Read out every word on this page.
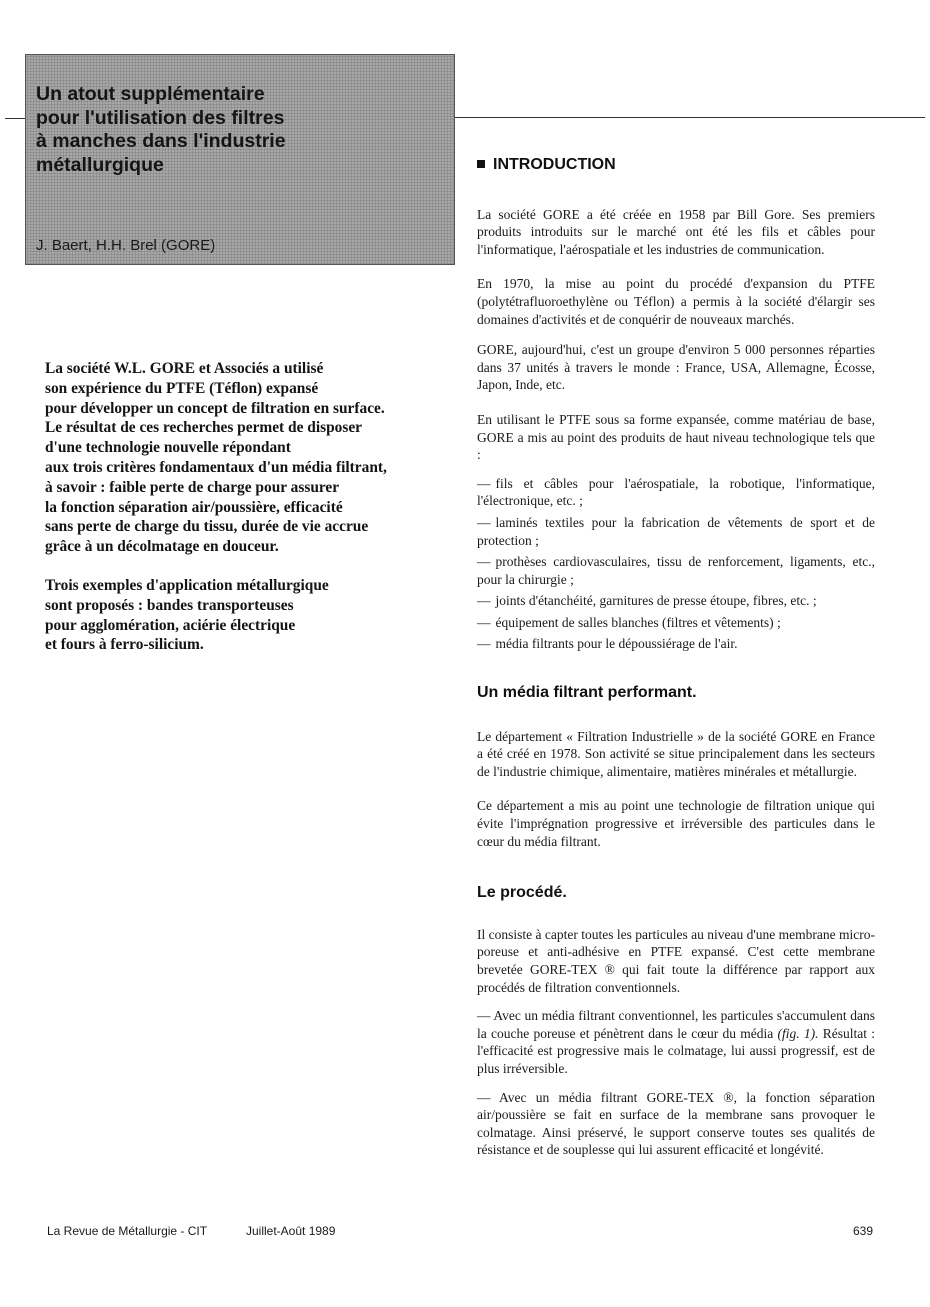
Un atout supplémentaire
pour l'utilisation des filtres
à manches dans l'industrie
métallurgique

J. Baert, H.H. Brel (GORE)

La société W.L. GORE et Associés a utilisé
son expérience du PTFE (Téflon) expansé
pour développer un concept de filtration en surface.
Le résultat de ces recherches permet de disposer
d'une technologie nouvelle répondant
aux trois critères fondamentaux d'un média filtrant,
à savoir : faible perte de charge pour assurer
la fonction séparation air/poussière, efficacité
sans perte de charge du tissu, durée de vie accrue
grâce à un décolmatage en douceur.

Trois exemples d'application métallurgique
sont proposés : bandes transporteuses
pour agglomération, aciérie électrique
et fours à ferro-silicium.

INTRODUCTION

La société GORE a été créée en 1958 par Bill Gore. Ses premiers produits introduits sur le marché ont été les fils et câbles pour l'informatique, l'aérospatiale et les industries de communication.

En 1970, la mise au point du procédé d'expansion du PTFE (polytétrafluoroethylène ou Téflon) a permis à la société d'élargir ses domaines d'activités et de conquérir de nouveaux marchés.

GORE, aujourd'hui, c'est un groupe d'environ 5 000 personnes réparties dans 37 unités à travers le monde : France, USA, Allemagne, Écosse, Japon, Inde, etc.

En utilisant le PTFE sous sa forme expansée, comme matériau de base, GORE a mis au point des produits de haut niveau technologique tels que :

— fils et câbles pour l'aérospatiale, la robotique, l'informatique, l'électronique, etc. ;
— laminés textiles pour la fabrication de vêtements de sport et de protection ;
— prothèses cardiovasculaires, tissu de renforcement, ligaments, etc., pour la chirurgie ;
— joints d'étanchéité, garnitures de presse étoupe, fibres, etc. ;
— équipement de salles blanches (filtres et vêtements) ;
— média filtrants pour le dépoussiérage de l'air.
Un média filtrant performant.

Le département « Filtration Industrielle » de la société GORE en France a été créé en 1978. Son activité se situe principalement dans les secteurs de l'industrie chimique, alimentaire, matières minérales et métallurgie.

Ce département a mis au point une technologie de filtration unique qui évite l'imprégnation progressive et irréversible des particules dans le cœur du média filtrant.

Le procédé.

Il consiste à capter toutes les particules au niveau d'une membrane micro-poreuse et anti-adhésive en PTFE expansé. C'est cette membrane brevetée GORE-TEX ® qui fait toute la différence par rapport aux procédés de filtration conventionnels.

— Avec un média filtrant conventionnel, les particules s'accumulent dans la couche poreuse et pénètrent dans le cœur du média (fig. 1). Résultat : l'efficacité est progressive mais le colmatage, lui aussi progressif, est de plus irréversible.

— Avec un média filtrant GORE-TEX ®, la fonction séparation air/poussière se fait en surface de la membrane sans provoquer le colmatage. Ainsi préservé, le support conserve toutes ses qualités de résistance et de souplesse qui lui assurent efficacité et longévité.

La Revue de Métallurgie - CIT	Juillet-Août 1989	639
